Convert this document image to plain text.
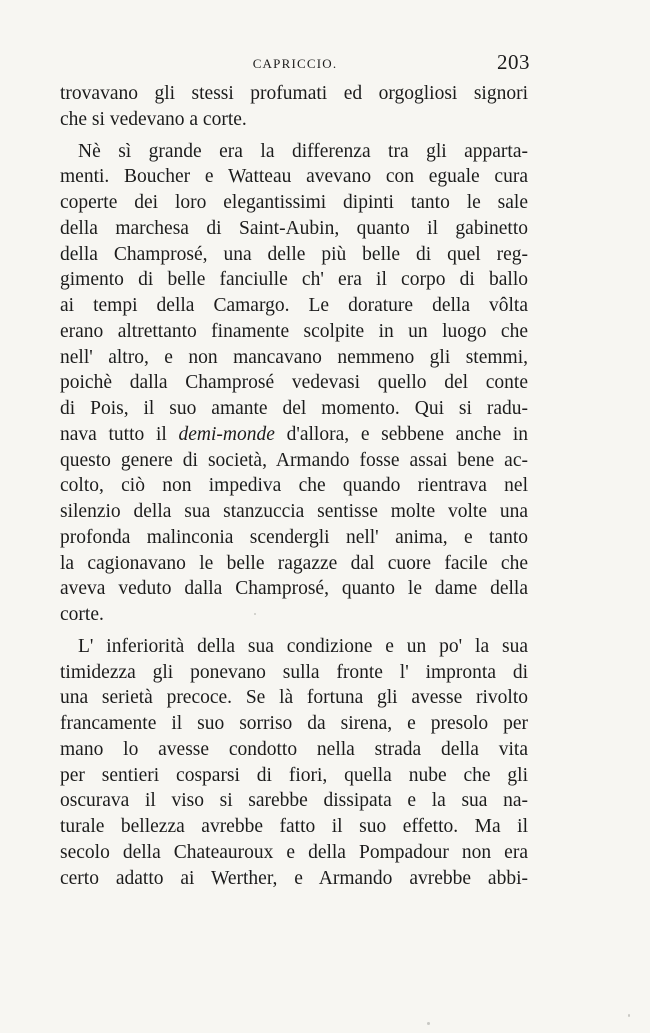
CAPRICCIO.	203
trovavano gli stessi profumati ed orgogliosi signori
che si vedevano a corte.
Nè sì grande era la differenza tra gli apparta-
menti. Boucher e Watteau avevano con eguale cura
coperte dei loro elegantissimi dipinti tanto le sale
della marchesa di Saint-Aubin, quanto il gabinetto
della Champrosé, una delle più belle di quel reg-
gimento di belle fanciulle ch' era il corpo di ballo
ai tempi della Camargo. Le dorature della vôlta
erano altrettanto finamente scolpite in un luogo che
nell' altro, e non mancavano nemmeno gli stemmi,
poichè dalla Champrosé vedevasi quello del conte
di Pois, il suo amante del momento. Qui si radu-
nava tutto il demi-monde d'allora, e sebbene anche in
questo genere di società, Armando fosse assai bene ac-
colto, ciò non impediva che quando rientrava nel
silenzio della sua stanzuccia sentisse molte volte una
profonda malinconia scendergli nell' anima, e tanto
la cagionavano le belle ragazze dal cuore facile che
aveva veduto dalla Champrosé, quanto le dame della
corte.
L' inferiorità della sua condizione e un po' la sua
timidezza gli ponevano sulla fronte l' impronta di
una serietà precoce. Se là fortuna gli avesse rivolto
francamente il suo sorriso da sirena, e presolo per
mano lo avesse condotto nella strada della vita
per sentieri cosparsi di fiori, quella nube che gli
oscurava il viso si sarebbe dissipata e la sua na-
turale bellezza avrebbe fatto il suo effetto. Ma il
secolo della Chateauroux e della Pompadour non era
certo adatto ai Werther, e Armando avrebbe abbi-
